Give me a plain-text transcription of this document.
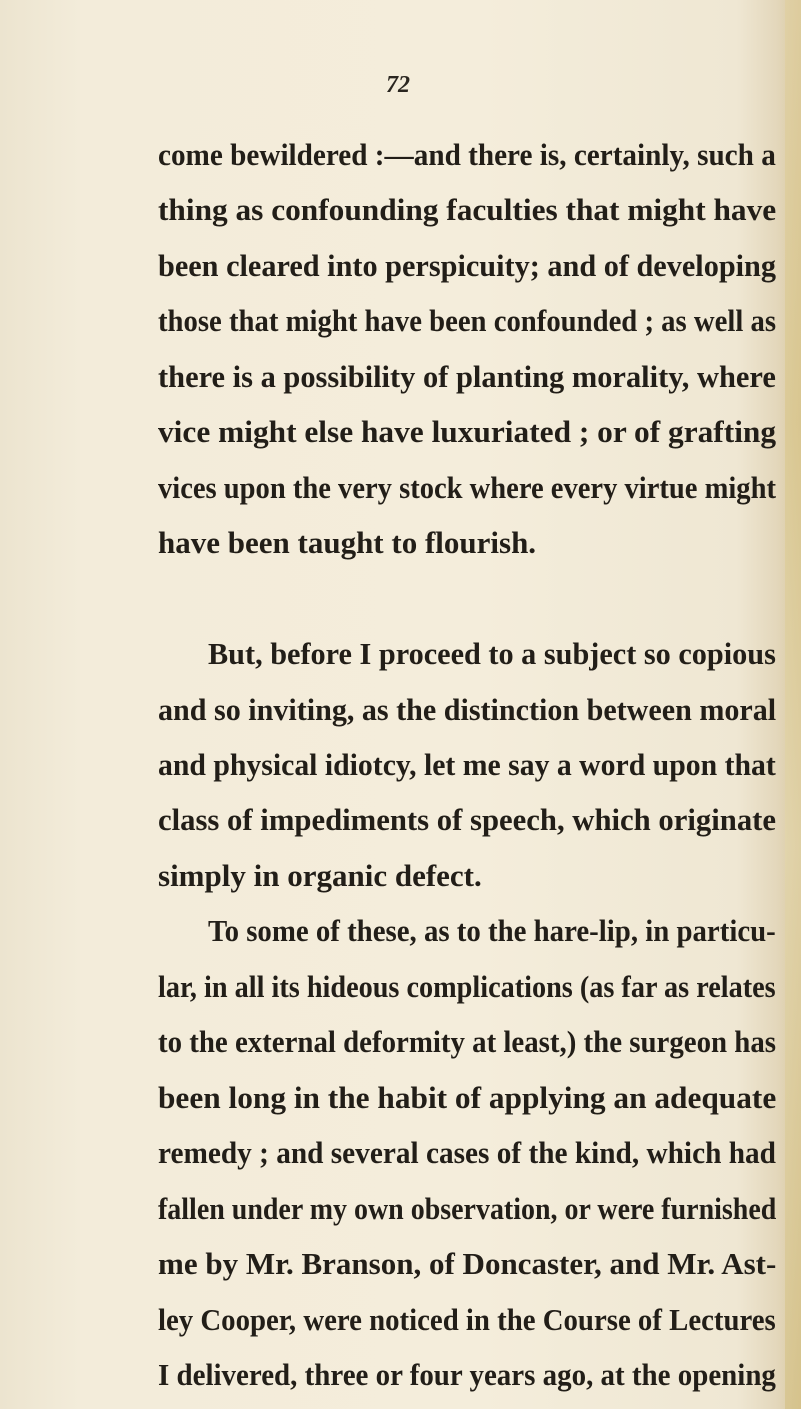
72
come bewildered :—and there is, certainly, such a
thing as confounding faculties that might have
been cleared into perspicuity; and of developing
those that might have been confounded ; as well as
there is a possibility of planting morality, where
vice might else have luxuriated ; or of grafting
vices upon the very stock where every virtue might
have been taught to flourish.
But, before I proceed to a subject so copious
and so inviting, as the distinction between moral
and physical idiotcy, let me say a word upon that
class of impediments of speech, which originate
simply in organic defect.
To some of these, as to the hare-lip, in particu-
lar, in all its hideous complications (as far as relates
to the external deformity at least,) the surgeon has
been long in the habit of applying an adequate
remedy ; and several cases of the kind, which had
fallen under my own observation, or were furnished
me by Mr. Branson, of Doncaster, and Mr. Ast-
ley Cooper, were noticed in the Course of Lectures
I delivered, three or four years ago, at the opening
